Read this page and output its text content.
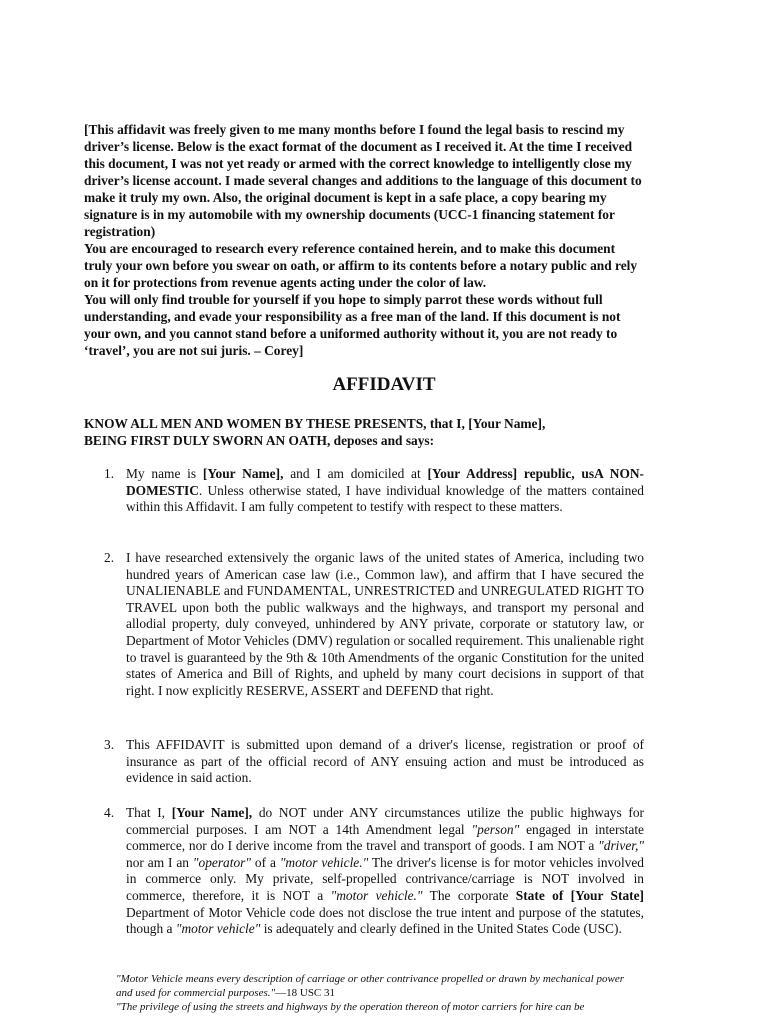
[This affidavit was freely given to me many months before I found the legal basis to rescind my driver’s license. Below is the exact format of the document as I received it. At the time I received this document, I was not yet ready or armed with the correct knowledge to intelligently close my driver’s license account. I made several changes and additions to the language of this document to make it truly my own. Also, the original document is kept in a safe place, a copy bearing my signature is in my automobile with my ownership documents (UCC-1 financing statement for registration)

You are encouraged to research every reference contained herein, and to make this document truly your own before you swear on oath, or affirm to its contents before a notary public and rely on it for protections from revenue agents acting under the color of law.

You will only find trouble for yourself if you hope to simply parrot these words without full understanding, and evade your responsibility as a free man of the land. If this document is not your own, and you cannot stand before a uniformed authority without it, you are not ready to ‘travel’, you are not sui juris. – Corey]

AFFIDAVIT
KNOW ALL MEN AND WOMEN BY THESE PRESENTS, that I, [Your Name],
BEING FIRST DULY SWORN AN OATH, deposes and says:
1. My name is [Your Name], and I am domiciled at [Your Address] republic, usA NON-DOMESTIC. Unless otherwise stated, I have individual knowledge of the matters contained within this Affidavit. I am fully competent to testify with respect to these matters.
2. I have researched extensively the organic laws of the united states of America, including two hundred years of American case law (i.e., Common law), and affirm that I have secured the UNALIENABLE and FUNDAMENTAL, UNRESTRICTED and UNREGULATED RIGHT TO TRAVEL upon both the public walkways and the highways, and transport my personal and allodial property, duly conveyed, unhindered by ANY private, corporate or statutory law, or Department of Motor Vehicles (DMV) regulation or socalled requirement. This unalienable right to travel is guaranteed by the 9th & 10th Amendments of the organic Constitution for the united states of America and Bill of Rights, and upheld by many court decisions in support of that right. I now explicitly RESERVE, ASSERT and DEFEND that right.
3. This AFFIDAVIT is submitted upon demand of a driver's license, registration or proof of insurance as part of the official record of ANY ensuing action and must be introduced as evidence in said action.
4. That I, [Your Name], do NOT under ANY circumstances utilize the public highways for commercial purposes. I am NOT a 14th Amendment legal "person" engaged in interstate commerce, nor do I derive income from the travel and transport of goods. I am NOT a "driver," nor am I an "operator" of a "motor vehicle." The driver's license is for motor vehicles involved in commerce only. My private, self-propelled contrivance/carriage is NOT involved in commerce, therefore, it is NOT a "motor vehicle." The corporate State of [Your State] Department of Motor Vehicle code does not disclose the true intent and purpose of the statutes, though a "motor vehicle" is adequately and clearly defined in the United States Code (USC).

"Motor Vehicle means every description of carriage or other contrivance propelled or drawn by mechanical power and used for commercial purposes."—18 USC 31

"The privilege of using the streets and highways by the operation thereon of motor carriers for hire can be
